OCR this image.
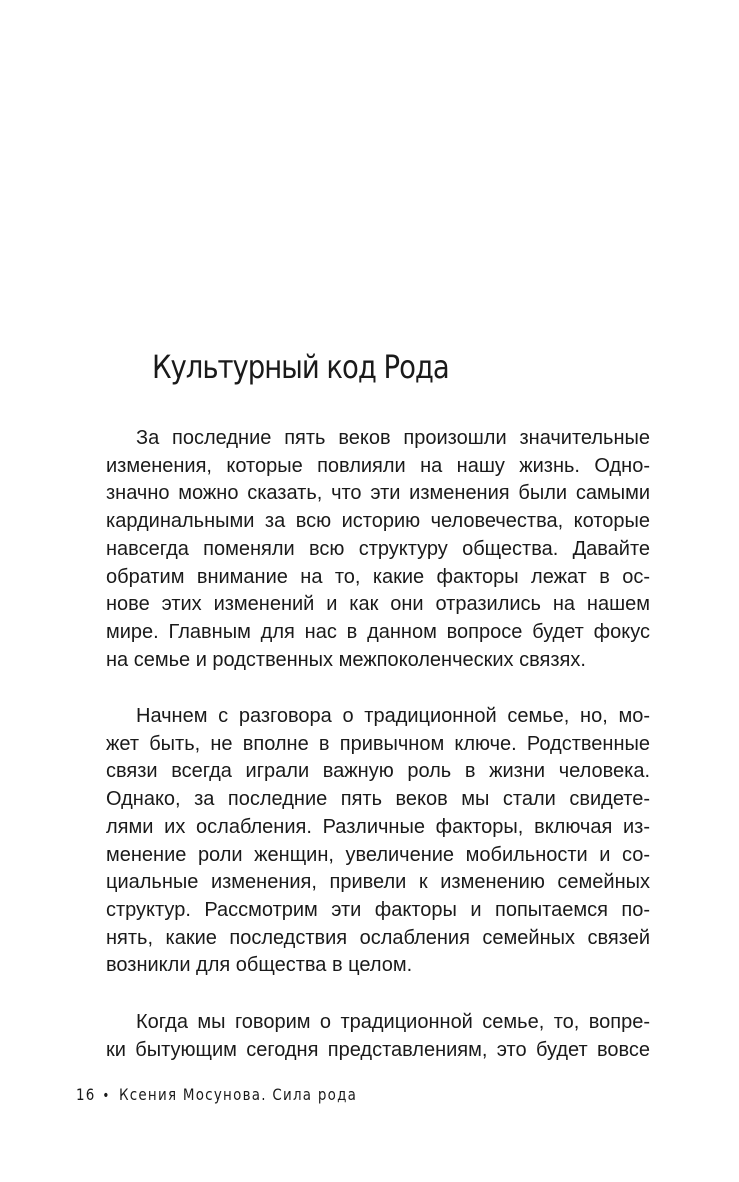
Культурный код Рода
За последние пять веков произошли значительные
изменения, которые повлияли на нашу жизнь. Одно-
значно можно сказать, что эти изменения были самыми
кардинальными за всю историю человечества, которые
навсегда поменяли всю структуру общества. Давайте
обратим внимание на то, какие факторы лежат в ос-
нове этих изменений и как они отразились на нашем
мире. Главным для нас в данном вопросе будет фокус
на семье и родственных межпоколенческих связях.
Начнем с разговора о традиционной семье, но, мо-
жет быть, не вполне в привычном ключе. Родственные
связи всегда играли важную роль в жизни человека.
Однако, за последние пять веков мы стали свидете-
лями их ослабления. Различные факторы, включая из-
менение роли женщин, увеличение мобильности и со-
циальные изменения, привели к изменению семейных
структур. Рассмотрим эти факторы и попытаемся по-
нять, какие последствия ослабления семейных связей
возникли для общества в целом.
Когда мы говорим о традиционной семье, то, вопре-
ки бытующим сегодня представлениям, это будет вовсе
16 • Ксения Мосунова. Сила рода
